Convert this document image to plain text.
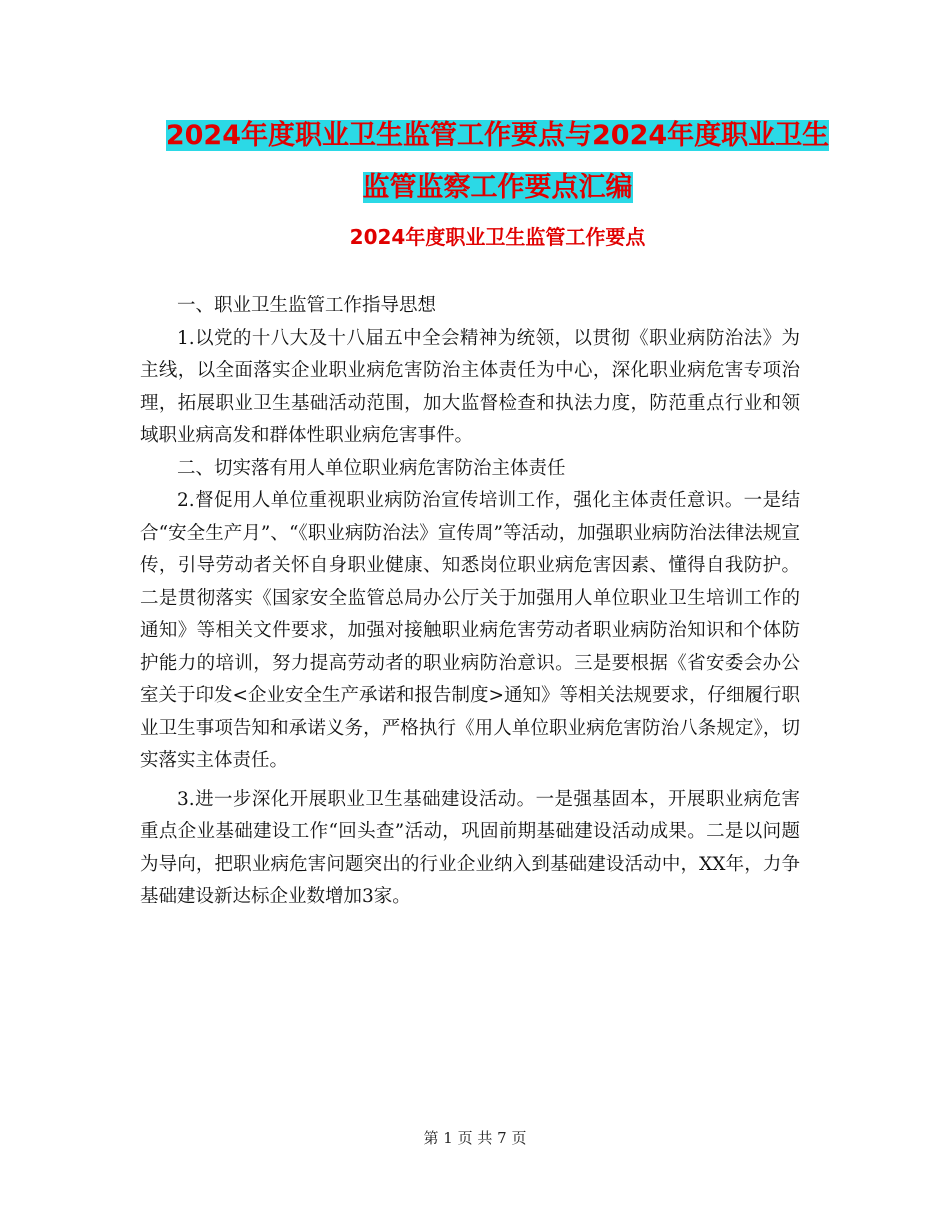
2024年度职业卫生监管工作要点与2024年度职业卫生
监管监察工作要点汇编
2024年度职业卫生监管工作要点

一、职业卫生监管工作指导思想

1.以党的十八大及十八届五中全会精神为统领，以贯彻《职业病防治法》为主线，以全面落实企业职业病危害防治主体责任为中心，深化职业病危害专项治理，拓展职业卫生基础活动范围，加大监督检查和执法力度，防范重点行业和领域职业病高发和群体性职业病危害事件。

二、切实落有用人单位职业病危害防治主体责任

2.督促用人单位重视职业病防治宣传培训工作，强化主体责任意识。一是结合“安全生产月”、“《职业病防治法》宣传周”等活动，加强职业病防治法律法规宣传，引导劳动者关怀自身职业健康、知悉岗位职业病危害因素、懂得自我防护。二是贯彻落实《国家安全监管总局办公厅关于加强用人单位职业卫生培训工作的通知》等相关文件要求，加强对接触职业病危害劳动者职业病防治知识和个体防护能力的培训，努力提高劳动者的职业病防治意识。三是要根据《省安委会办公室关于印发<企业安全生产承诺和报告制度>通知》等相关法规要求，仔细履行职业卫生事项告知和承诺义务，严格执行《用人单位职业病危害防治八条规定》，切实落实主体责任。

3.进一步深化开展职业卫生基础建设活动。一是强基固本，开展职业病危害重点企业基础建设工作“回头查”活动，巩固前期基础建设活动成果。二是以问题为导向，把职业病危害问题突出的行业企业纳入到基础建设活动中，XX年，力争基础建设新达标企业数增加3家。

第 1 页 共 7 页
